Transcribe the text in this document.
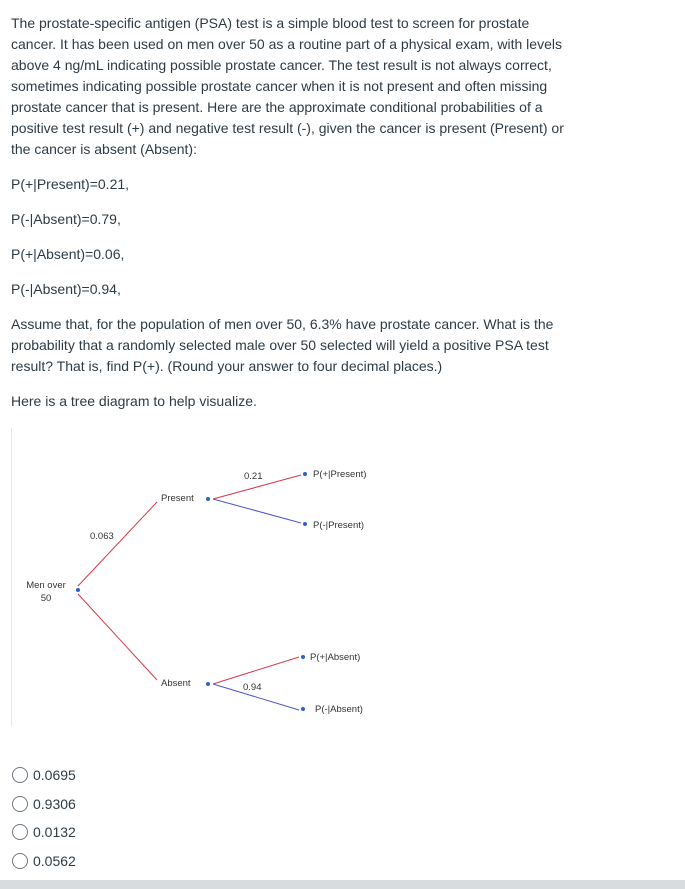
The prostate-specific antigen (PSA) test is a simple blood test to screen for prostate cancer. It has been used on men over 50 as a routine part of a physical exam, with levels above 4 ng/mL indicating possible prostate cancer. The test result is not always correct, sometimes indicating possible prostate cancer when it is not present and often missing prostate cancer that is present. Here are the approximate conditional probabilities of a positive test result (+) and negative test result (-), given the cancer is present (Present) or the cancer is absent (Absent):

P(+|Present)=0.21,

P(-|Absent)=0.79,

P(+|Absent)=0.06,

P(-|Absent)=0.94,

Assume that, for the population of men over 50, 6.3% have prostate cancer. What is the probability that a randomly selected male over 50 selected will yield a positive PSA test result? That is, find P(+). (Round your answer to four decimal places.)

Here is a tree diagram to help visualize.

Men over
50
0.063
Present
Absent
0.21
0.94
P(+|Present)
P(-|Present)
P(+|Absent)
P(-|Absent)
0.0695
0.9306
0.0132
0.0562
